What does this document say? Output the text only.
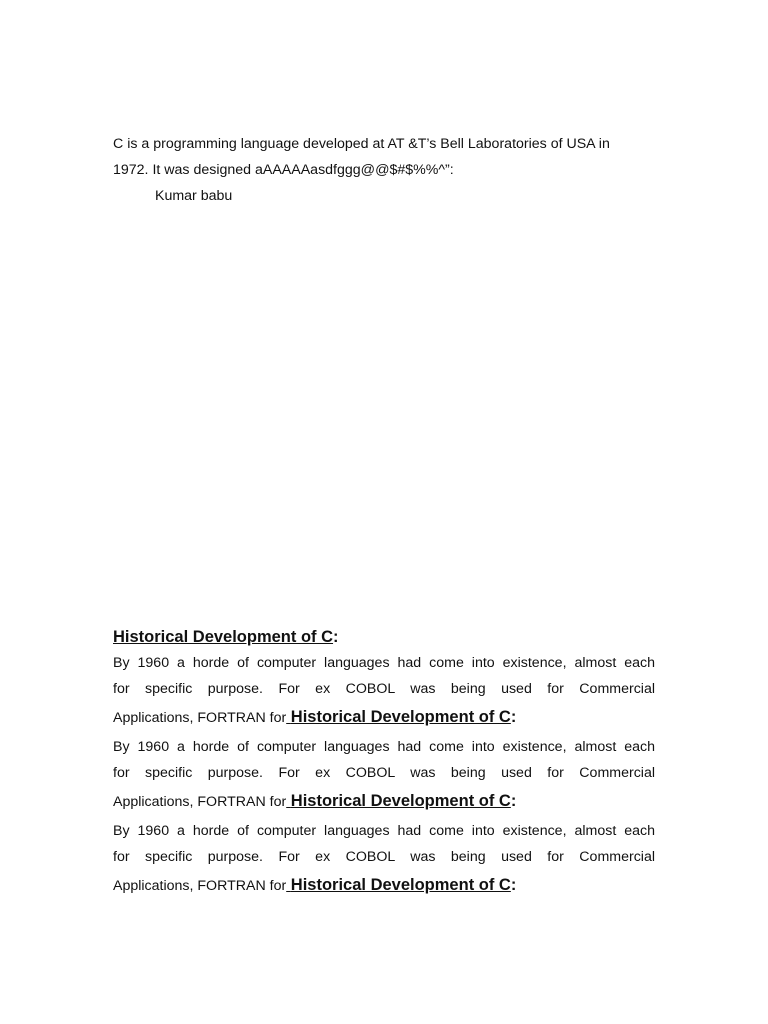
C is a programming language developed at AT &T’s Bell Laboratories of USA in
1972. It was designed aAAAAAasdfggg@@$#$%%^”:
Kumar babu
Historical Development of C:
By 1960 a horde of computer languages had come into existence, almost each
for specific purpose. For ex COBOL was being used for Commercial
Applications, FORTRAN for Historical Development of C:
By 1960 a horde of computer languages had come into existence, almost each
for specific purpose. For ex COBOL was being used for Commercial
Applications, FORTRAN for Historical Development of C:
By 1960 a horde of computer languages had come into existence, almost each
for specific purpose. For ex COBOL was being used for Commercial
Applications, FORTRAN for Historical Development of C:
